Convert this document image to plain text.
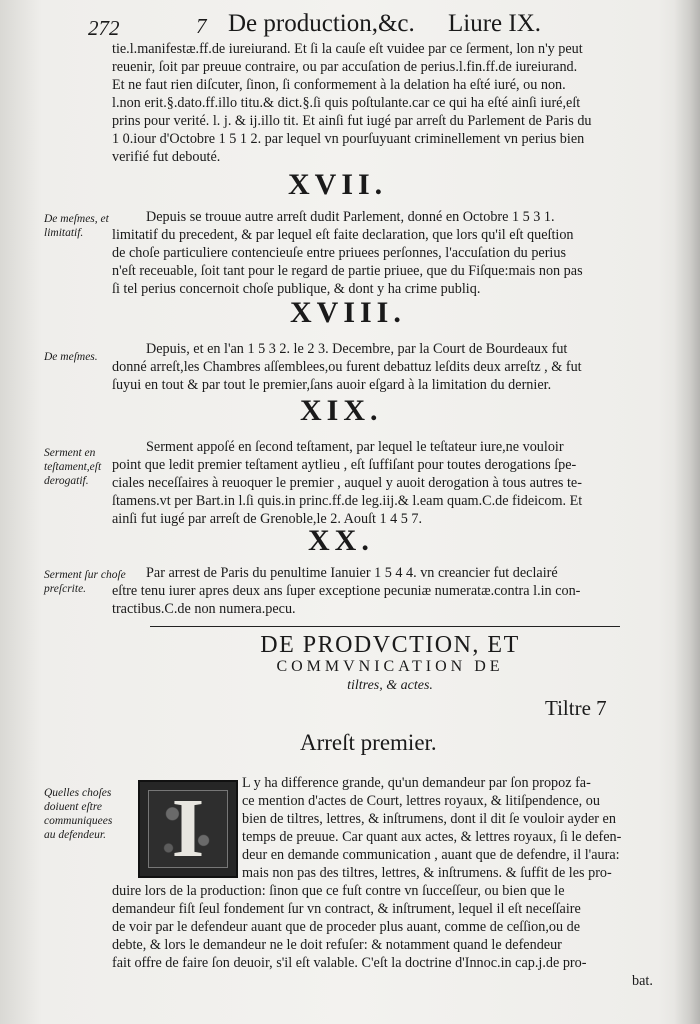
272	7 De production,&c. Liure IX.
tie.l.manifestæ.ff.de iureiurand. Et ſi la cauſe eſt vuidee par ce ſerment, lon n'y peut
reuenir, ſoit par preuue contraire, ou par accuſation de perius.l.fin.ff.de iureiurand.
Et ne faut rien diſcuter, ſinon, ſi conformement à la delation ha eſté iuré, ou non.
l.non erit.§.dato.ff.illo titu.& dict.§.ſi quis poſtulante.car ce qui ha eſté ainſi iuré,eſt
prins pour verité. l. j. & ij.illo tit. Et ainſi fut iugé par arreſt du Parlement de Paris du
1 0.iour d'Octobre 1 5 1 2. par lequel vn pourſuyuant criminellement vn perius bien
verifié fut debouté.
XVII.
De meſmes, et limitatif.
Depuis se trouue autre arreſt dudit Parlement, donné en Octobre 1 5 3 1.
limitatif du precedent, & par lequel eſt faite declaration, que lors qu'il eſt queſtion
de choſe particuliere contencieuſe entre priuees perſonnes, l'accuſation du perius
n'eſt receuable, ſoit tant pour le regard de partie priuee, que du Fiſque:mais non pas
ſi tel perius concernoit choſe publique, & dont y ha crime publiq.
XVIII.
De meſmes.	Depuis, et en l'an 1 5 3 2. le 2 3. Decembre, par la Court de Bourdeaux fut
donné arreſt,les Chambres aſſemblees,ou furent debattuz leſdits deux arreſtz , & fut
ſuyui en tout & par tout le premier,ſans auoir eſgard à la limitation du dernier.
XIX.
Serment en teſtament,eſt derogatif.
Serment appoſé en ſecond teſtament, par lequel le teſtateur iure,ne vouloir
point que ledit premier teſtament aytlieu , eſt ſuffiſant pour toutes derogations ſpe-
ciales neceſſaires à reuoquer le premier , auquel y auoit derogation à tous autres te-
ſtamens.vt per Bart.in l.ſi quis.in princ.ff.de leg.iij.& l.eam quam.C.de fideicom. Et
ainſi fut iugé par arreſt de Grenoble,le 2. Aouſt 1 4 5 7.
XX.
Serment ſur choſe preſcrite.
Par arrest de Paris du penultime Ianuier 1 5 4 4. vn creancier fut declairé
eſtre tenu iurer apres deux ans ſuper exceptione pecuniæ numeratæ.contra l.in con-
tractibus.C.de non numera.pecu.
DE PRODVCTION, ET
COMMVNICATION DE
tiltres, & actes.
Tiltre 7
Arreſt premier.
Quelles choſes doiuent eſtre communiquees au defendeur. I	L y ha difference grande, qu'un demandeur par ſon propoz fa-
ce mention d'actes de Court, lettres royaux, & litiſpendence, ou
bien de tiltres, lettres, & inſtrumens, dont il dit ſe vouloir ayder en
temps de preuue. Car quant aux actes, & lettres royaux, ſi le defen-
deur en demande communication , auant que de defendre, il l'aura:
mais non pas des tiltres, lettres, & inſtrumens. & ſuffit de les pro-
duire lors de la production: ſinon que ce fuſt contre vn ſucceſſeur, ou bien que le
demandeur fiſt ſeul fondement ſur vn contract, & inſtrument, lequel il eſt neceſſaire
de voir par le defendeur auant que de proceder plus auant, comme de ceſſion,ou de
debte, & lors le demandeur ne le doit refuſer: & notamment quand le defendeur
fait offre de faire ſon deuoir, s'il eſt valable. C'eſt la doctrine d'Innoc.in cap.j.de pro-
bat.
